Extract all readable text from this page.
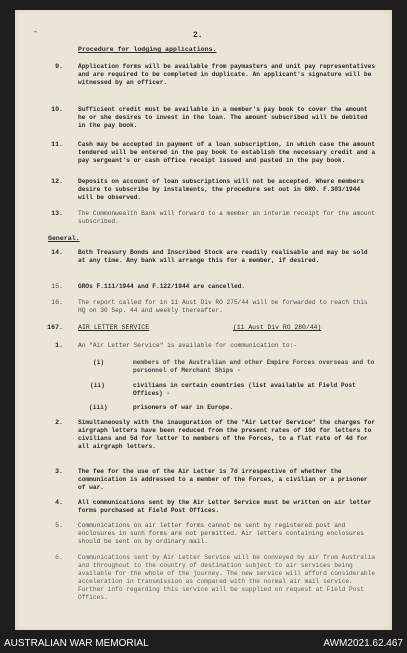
-	2.
Procedure for lodging applications.
9. Application forms will be available from paymasters and unit pay representatives and are required to be completed in duplicate. An applicant's signature will be witnessed by an officer.
10. Sufficient credit must be available in a member's pay book to cover the amount he or she desires to invest in the loan. The amount subscribed will be debited in the pay book.
11. Cash may be accepted in payment of a loan subscription, in which case the amount tendered will be entered in the pay book to establish the necessary credit and a pay sergeant's or cash office receipt issued and pasted in the pay book.
12. Deposits on account of loan subscriptions will not be accepted. Where members desire to subscribe by instalments, the procedure set out in GRO. F.303/1944 will be observed.
13. The Commonwealth Bank will forward to a member an interim receipt for the amount subscribed.
General.
14. Both Treasury Bonds and Inscribed Stock are readily realisable and may be sold at any time. Any bank will arrange this for a member, if desired.
15. GROs F.111/1944 and F.122/1944 are cancelled.
16. The report called for in 11 Aust Div RO 275/44 will be forwarded to reach this HQ on 30 Sep. 44 and weekly thereafter.
167. AIR LETTER SERVICE	(11 Aust Div RO 280/44)
1. An "Air Letter Service" is available for communication to:-
(i)	members of the Australian and other Empire Forces overseas and to personnel of Merchant Ships -
(ii)	civilians in certain countries (list available at Field Post Offices) -
(iii)	prisoners of war in Europe.
2. Simultaneously with the inauguration of the "Air Letter Service" the charges for airgraph letters have been reduced from the present rates of 10d for letters to civilians and 5d for letter to members of the Forces, to a flat rate of 4d for all airgraph letters.
3. The fee for the use of the Air Letter is 7d irrespective of whether the communication is addressed to a member of the Forces, a civilian or a prisoner of war.
4. All communications sent by the Air Letter Service must be written on air letter forms purchased at Field Post Offices.
5. Communications on air letter forms cannot be sent by registered post and enclosures in such forms are not permitted. Air letters containing enclosures should be sent on by ordinary mail.
6. Communications sent by Air Letter Service will be conveyed by air from Australia and throughout to the country of destination subject to air services being available for the whole of the journey. The new service will afford considerable acceleration in transmission as compared with the normal air mail service. Further info regarding this service will be supplied on request at Field Post Offices.
AUSTRALIAN WAR MEMORIAL	AWM2021.62.467
